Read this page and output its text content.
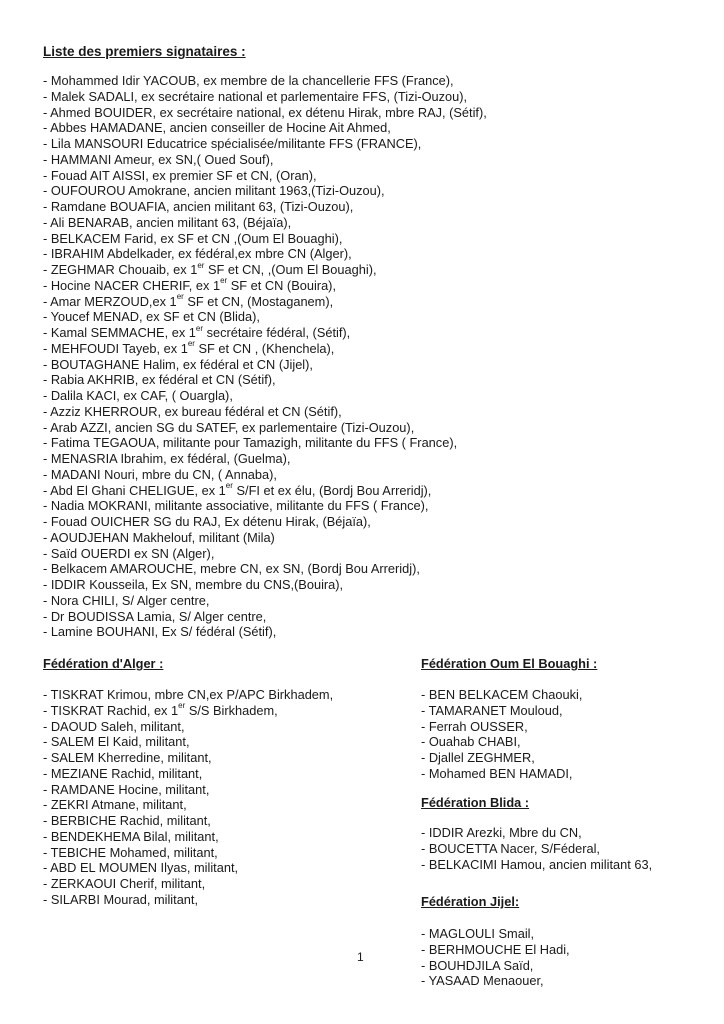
Liste des premiers signataires :
- Mohammed Idir YACOUB, ex membre de la chancellerie FFS (France),
- Malek SADALI, ex secrétaire national et parlementaire FFS, (Tizi-Ouzou),
- Ahmed BOUIDER, ex secrétaire national, ex détenu Hirak, mbre RAJ, (Sétif),
- Abbes HAMADANE, ancien conseiller de Hocine Ait Ahmed,
- Lila MANSOURI Educatrice spécialisée/militante FFS (FRANCE),
- HAMMANI Ameur, ex SN,( Oued Souf),
- Fouad AIT AISSI, ex premier SF et CN, (Oran),
- OUFOUROU Amokrane, ancien militant 1963,(Tizi-Ouzou),
- Ramdane BOUAFIA, ancien militant 63, (Tizi-Ouzou),
- Ali BENARAB, ancien militant 63, (Béjaïa),
- BELKACEM Farid, ex SF et CN ,(Oum El Bouaghi),
- IBRAHIM Abdelkader, ex fédéral,ex mbre CN (Alger),
- ZEGHMAR Chouaib, ex 1er SF et CN, ,(Oum El Bouaghi),
- Hocine NACER CHERIF, ex 1er SF et CN (Bouira),
- Amar MERZOUD,ex 1er SF et CN, (Mostaganem),
- Youcef MENAD, ex SF et CN (Blida),
- Kamal SEMMACHE, ex 1er secrétaire fédéral, (Sétif),
- MEHFOUDI Tayeb, ex 1er SF et CN , (Khenchela),
- BOUTAGHANE Halim, ex fédéral et CN (Jijel),
- Rabia AKHRIB, ex fédéral et CN (Sétif),
- Dalila KACI, ex CAF, ( Ouargla),
- Azziz KHERROUR, ex bureau fédéral et CN (Sétif),
- Arab AZZI, ancien SG du SATEF, ex parlementaire (Tizi-Ouzou),
- Fatima TEGAOUA, militante pour Tamazigh, militante du FFS ( France),
- MENASRIA Ibrahim, ex fédéral, (Guelma),
- MADANI Nouri, mbre du CN, ( Annaba),
- Abd El Ghani CHELIGUE, ex 1er S/FI et ex élu, (Bordj Bou Arreridj),
- Nadia MOKRANI, militante associative, militante du FFS ( France),
- Fouad OUICHER SG du RAJ, Ex détenu Hirak, (Béjaïa),
- AOUDJEHAN Makhelouf, militant (Mila)
- Saïd OUERDI ex SN (Alger),
- Belkacem AMAROUCHE, mebre CN, ex SN, (Bordj Bou Arreridj),
- IDDIR Kousseila, Ex SN, membre du CNS,(Bouira),
- Nora CHILI, S/ Alger centre,
- Dr BOUDISSA Lamia, S/ Alger centre,
- Lamine BOUHANI, Ex S/ fédéral (Sétif),
Fédération d'Alger :
- TISKRAT Krimou, mbre CN,ex P/APC Birkhadem,
- TISKRAT Rachid, ex 1er S/S Birkhadem,
- DAOUD Saleh, militant,
- SALEM El Kaid, militant,
- SALEM Kherredine, militant,
- MEZIANE Rachid, militant,
- RAMDANE Hocine, militant,
- ZEKRI Atmane, militant,
- BERBICHE Rachid, militant,
- BENDEKHEMA Bilal, militant,
- TEBICHE Mohamed, militant,
- ABD EL MOUMEN Ilyas, militant,
- ZERKAOUI Cherif, militant,
- SILARBI Mourad, militant,
Fédération Oum El Bouaghi :
- BEN BELKACEM Chaouki,
- TAMARANET Mouloud,
- Ferrah OUSSER,
- Ouahab CHABI,
- Djallel ZEGHMER,
- Mohamed BEN HAMADI,
Fédération Blida :
- IDDIR Arezki, Mbre du CN,
- BOUCETTA Nacer, S/Féderal,
- BELKACIMI Hamou, ancien militant 63,
Fédération Jijel:
- MAGLOULI Smail,
- BERHMOUCHE El Hadi,
- BOUHDJILA Saïd,
- YASAAD Menaouer,
1
